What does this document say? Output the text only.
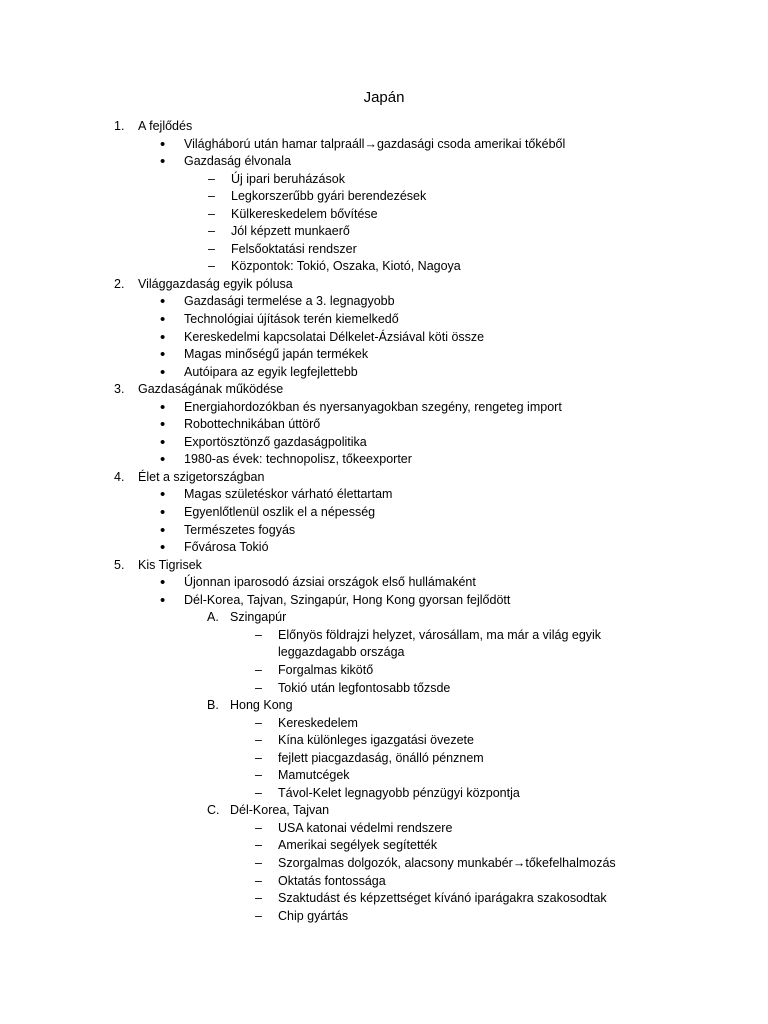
Japán
1. A fejlődés
• Világháború után hamar talpraáll→gazdasági csoda amerikai tőkéből
• Gazdaság élvonala
– Új ipari beruházások
– Legkorszerűbb gyári berendezések
– Külkereskedelem bővítése
– Jól képzett munkaerő
– Felsőoktatási rendszer
– Központok: Tokió, Oszaka, Kiotó, Nagoya
2. Világgazdaság egyik pólusa
• Gazdasági termelése a 3. legnagyobb
• Technológiai újítások terén kiemelkedő
• Kereskedelmi kapcsolatai Délkelet-Ázsiával köti össze
• Magas minőségű japán termékek
• Autóipara az egyik legfejlettebb
3. Gazdaságának működése
• Energiahordozókban és nyersanyagokban szegény, rengeteg import
• Robottechnikában úttörő
• Exportösztönző gazdaságpolitika
• 1980-as évek: technopolisz, tőkeexporter
4. Élet a szigetországban
• Magas születéskor várható élettartam
• Egyenlőtlenül oszlik el a népesség
• Természetes fogyás
• Fővárosa Tokió
5. Kis Tigrisek
• Újonnan iparosodó ázsiai országok első hullámaként
• Dél-Korea, Tajvan, Szingapúr, Hong Kong gyorsan fejlődött
A. Szingapúr
– Előnyös földrajzi helyzet, városállam, ma már a világ egyik
leggazdagabb országa
– Forgalmas kikötő
– Tokió után legfontosabb tőzsde
B. Hong Kong
– Kereskedelem
– Kína különleges igazgatási övezete
– fejlett piacgazdaság, önálló pénznem
– Mamutcégek
– Távol-Kelet legnagyobb pénzügyi központja
C. Dél-Korea, Tajvan
– USA katonai védelmi rendszere
– Amerikai segélyek segítették
– Szorgalmas dolgozók, alacsony munkabér→tőkefelhalmozás
– Oktatás fontossága
– Szaktudást és képzettséget kívánó iparágakra szakosodtak
– Chip gyártás
